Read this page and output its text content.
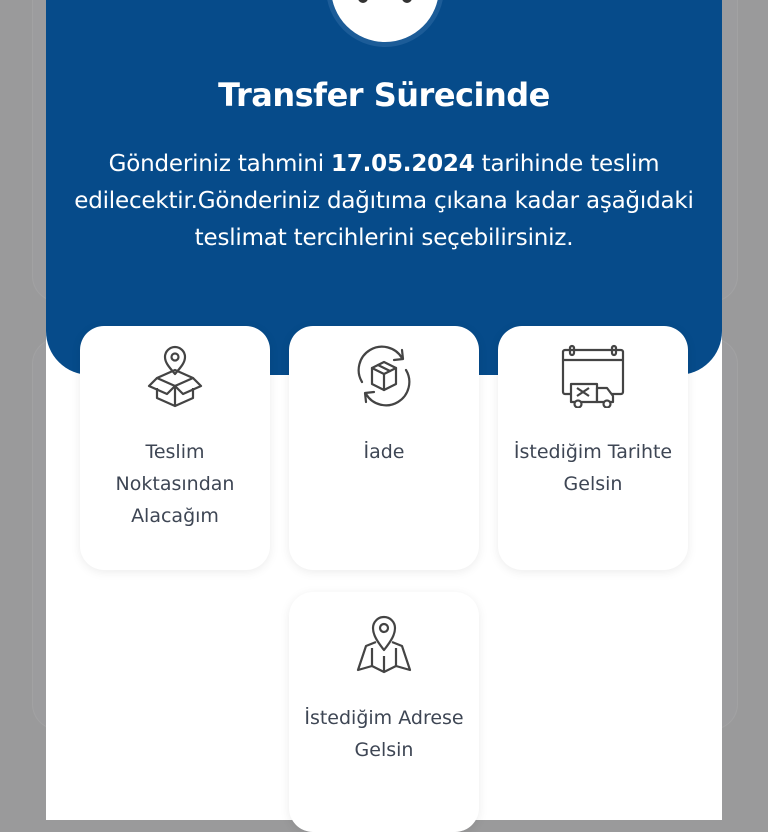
Transfer Sürecinde
Gönderiniz tahmini 17.05.2024 tarihinde teslim edilecektir.Gönderiniz dağıtıma çıkana kadar aşağıdaki teslimat tercihlerini seçebilirsiniz.
Teslim Noktasından Alacağım
İade	İstediğim Tarihte Gelsin
İstediğim Adrese Gelsin
